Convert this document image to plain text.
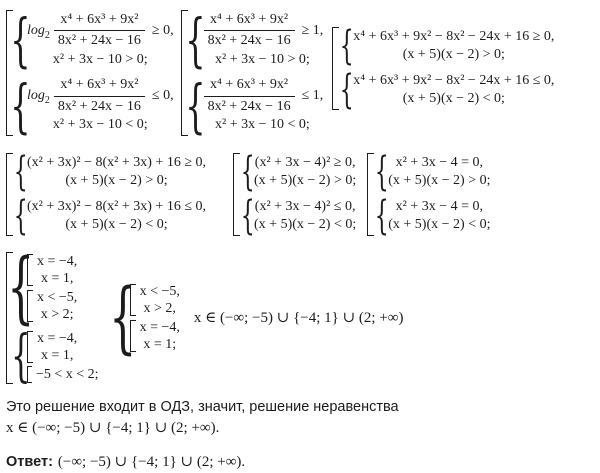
{
$\log_2 \frac{\text{x⁴ + 6x³ + 9x²}}{\text{8x² + 24x − 16}} \ge 0$,
x² + 3x − 10 > 0;
{
$\log_2 \frac{\text{x⁴ + 6x³ + 9x²}}{\text{8x² + 24x − 16}} \le 0$,
x² + 3x − 10 < 0;
{
$\frac{\text{x⁴ + 6x³ + 9x²}}{\text{8x² + 24x − 16}} \ge 1$,
x² + 3x − 10 > 0;
{
$\frac{\text{x⁴ + 6x³ + 9x²}}{\text{8x² + 24x − 16}} \le 1$,
x² + 3x − 10 < 0;
{ x⁴ + 6x³ + 9x² − 8x² − 24x + 16 ≥ 0,
(x + 5)(x − 2) > 0;
{ x⁴ + 6x³ + 9x² − 8x² − 24x + 16 ≤ 0,
(x + 5)(x − 2) < 0;
{ (x² + 3x)² − 8(x² + 3x) + 16 ≥ 0,
(x + 5)(x − 2) > 0;
{ (x² + 3x)² − 8(x² + 3x) + 16 ≤ 0,
(x + 5)(x − 2) < 0;
{ (x² + 3x − 4)² ≥ 0,
(x + 5)(x − 2) > 0;
{ (x² + 3x − 4)² ≤ 0,
(x + 5)(x − 2) < 0;
{ x² + 3x − 4 = 0,
(x + 5)(x − 2) > 0;
{ x² + 3x − 4 = 0,
(x + 5)(x − 2) < 0;
{ x = −4,
x = 1,
x < −5,
x > 2;
{ x = −4,
x = 1,
−5 < x < 2;
{ x < −5,
x > 2,
x = −4,
x = 1;
x ∈ (−∞; −5) ∪ {−4; 1} ∪ (2; +∞)
Это решение входит в ОДЗ, значит, решение неравенства
x ∈ (−∞; −5) ∪ {−4; 1} ∪ (2; +∞).
Ответ: (−∞; −5) ∪ {−4; 1} ∪ (2; +∞).
